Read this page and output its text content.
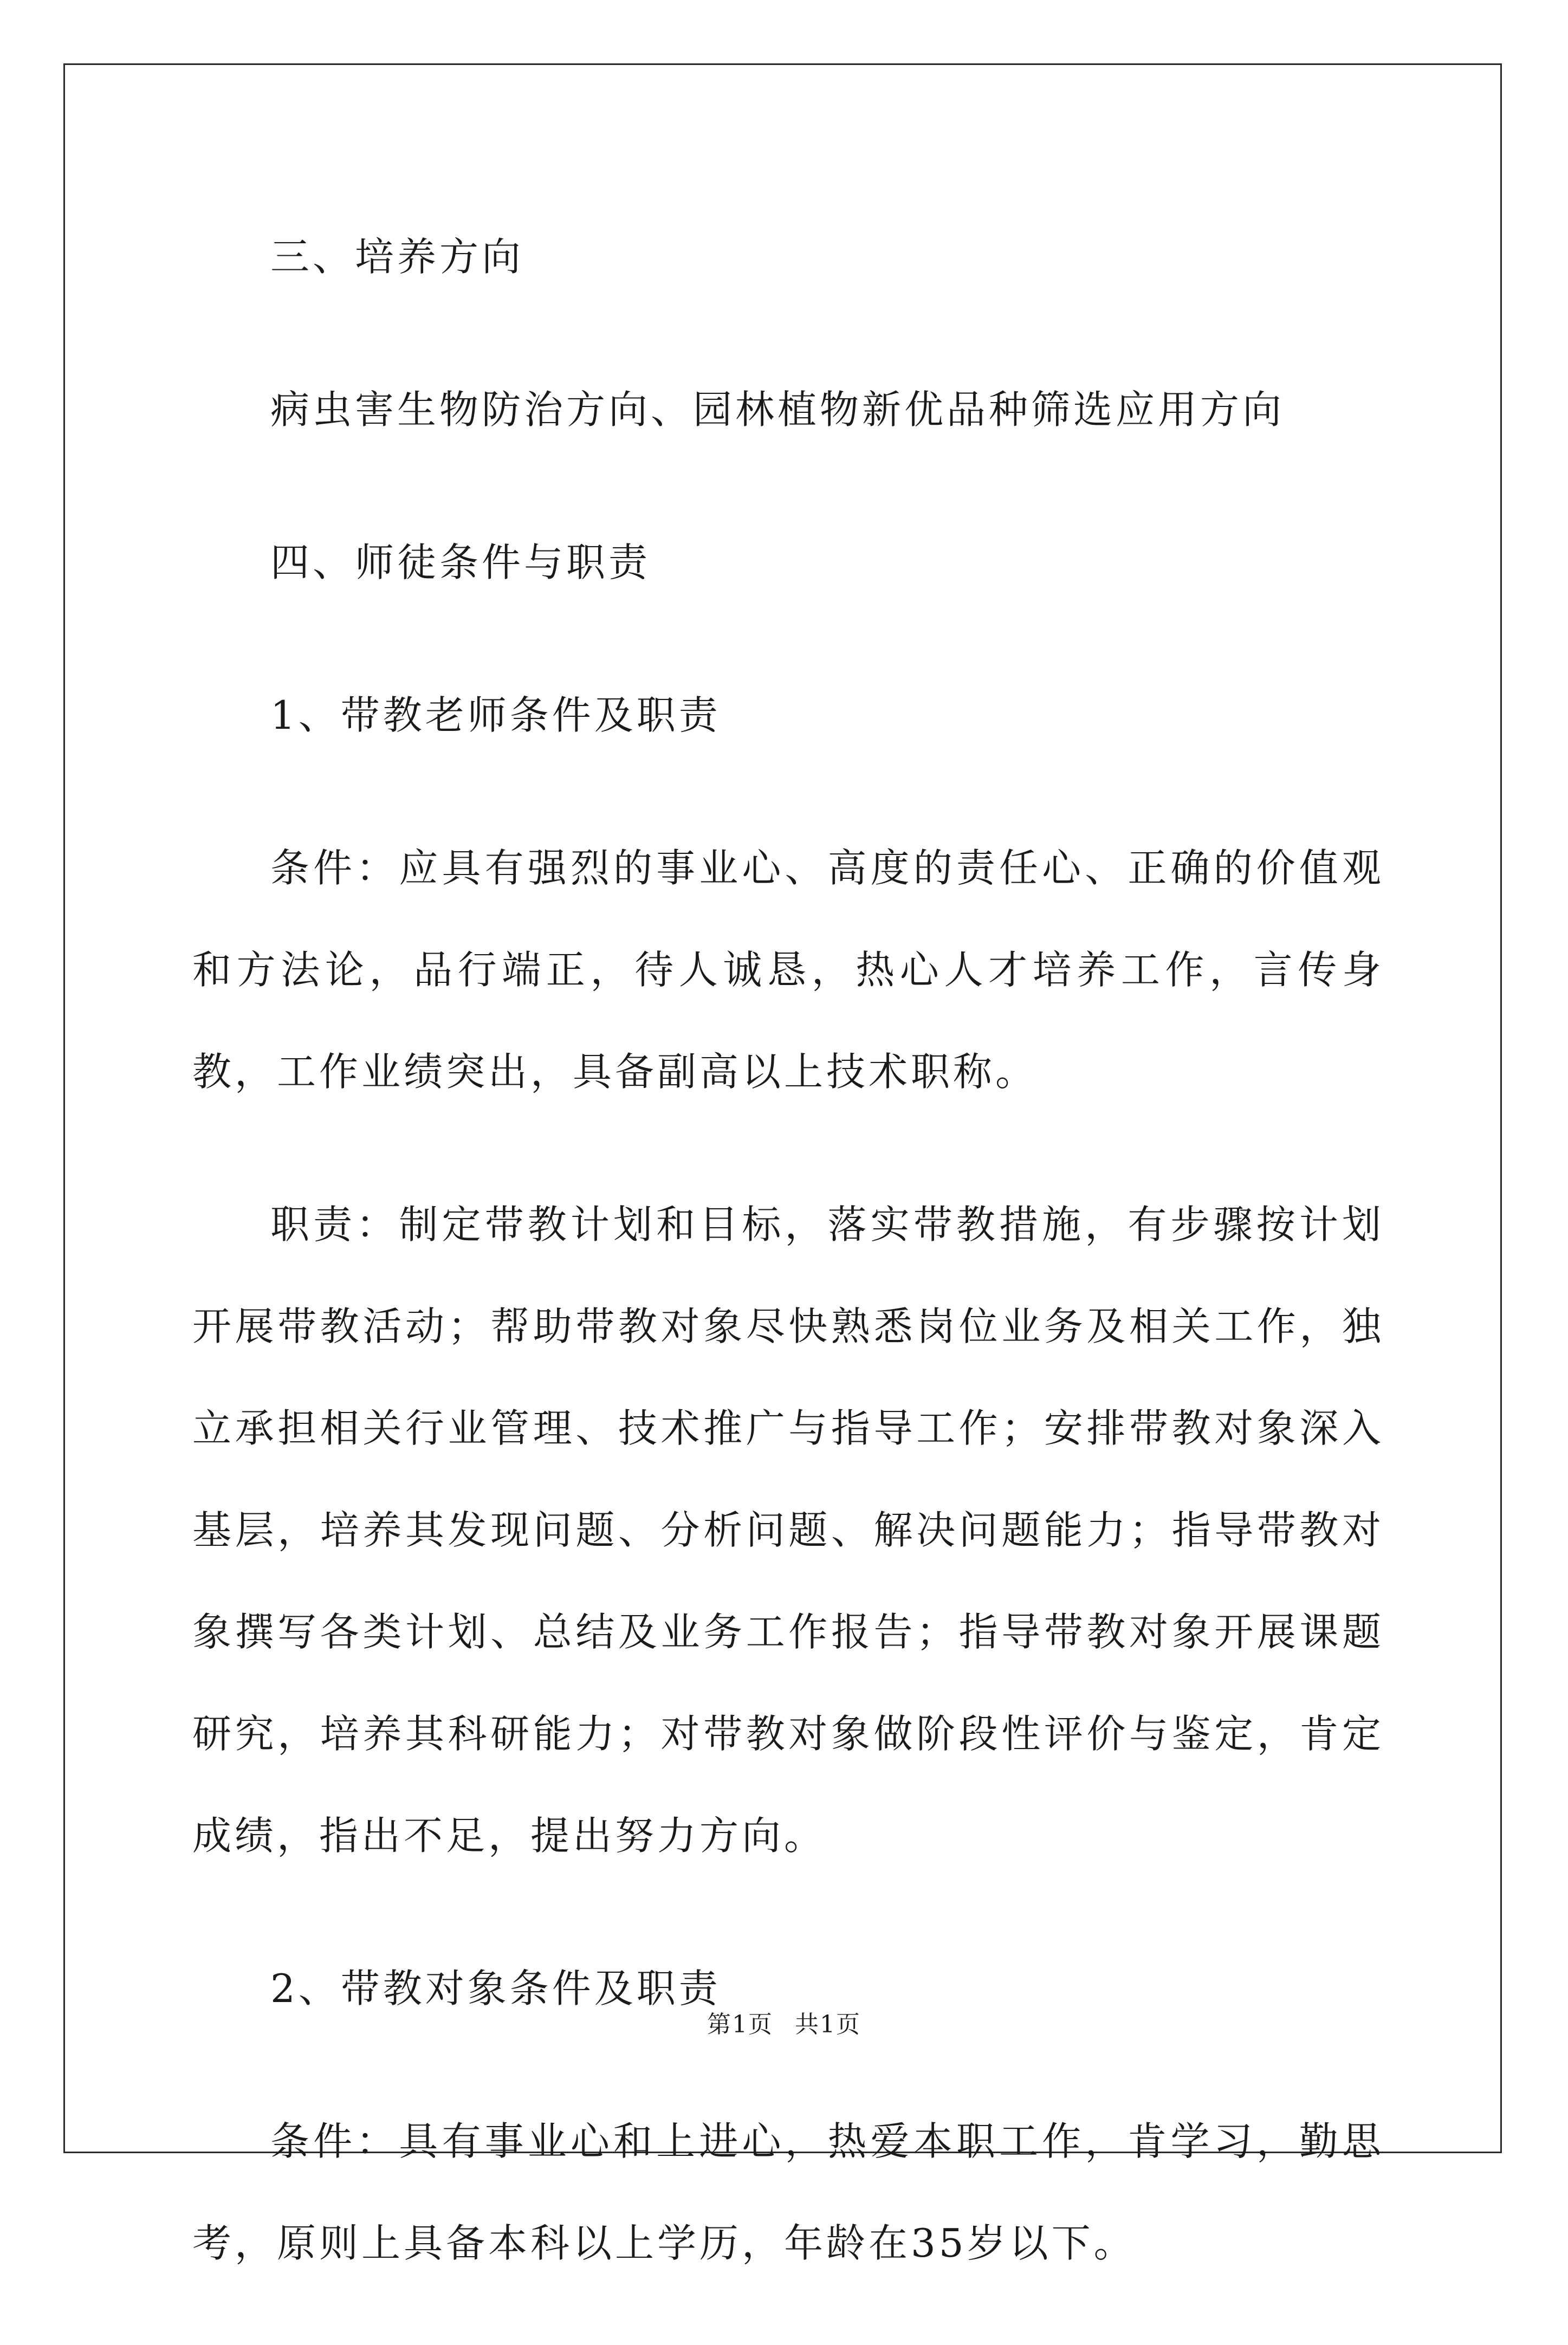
三、培养方向

病虫害生物防治方向、园林植物新优品种筛选应用方向

四、师徒条件与职责

1、带教老师条件及职责

条件：应具有强烈的事业心、高度的责任心、正确的价值观和方法论，品行端正，待人诚恳，热心人才培养工作，言传身教，工作业绩突出，具备副高以上技术职称。

职责：制定带教计划和目标，落实带教措施，有步骤按计划开展带教活动；帮助带教对象尽快熟悉岗位业务及相关工作，独立承担相关行业管理、技术推广与指导工作；安排带教对象深入基层，培养其发现问题、分析问题、解决问题能力；指导带教对象撰写各类计划、总结及业务工作报告；指导带教对象开展课题研究，培养其科研能力；对带教对象做阶段性评价与鉴定，肯定成绩，指出不足，提出努力方向。

2、带教对象条件及职责

条件：具有事业心和上进心，热爱本职工作，肯学习，勤思考，原则上具备本科以上学历，年龄在35岁以下。

第1页 共1页
